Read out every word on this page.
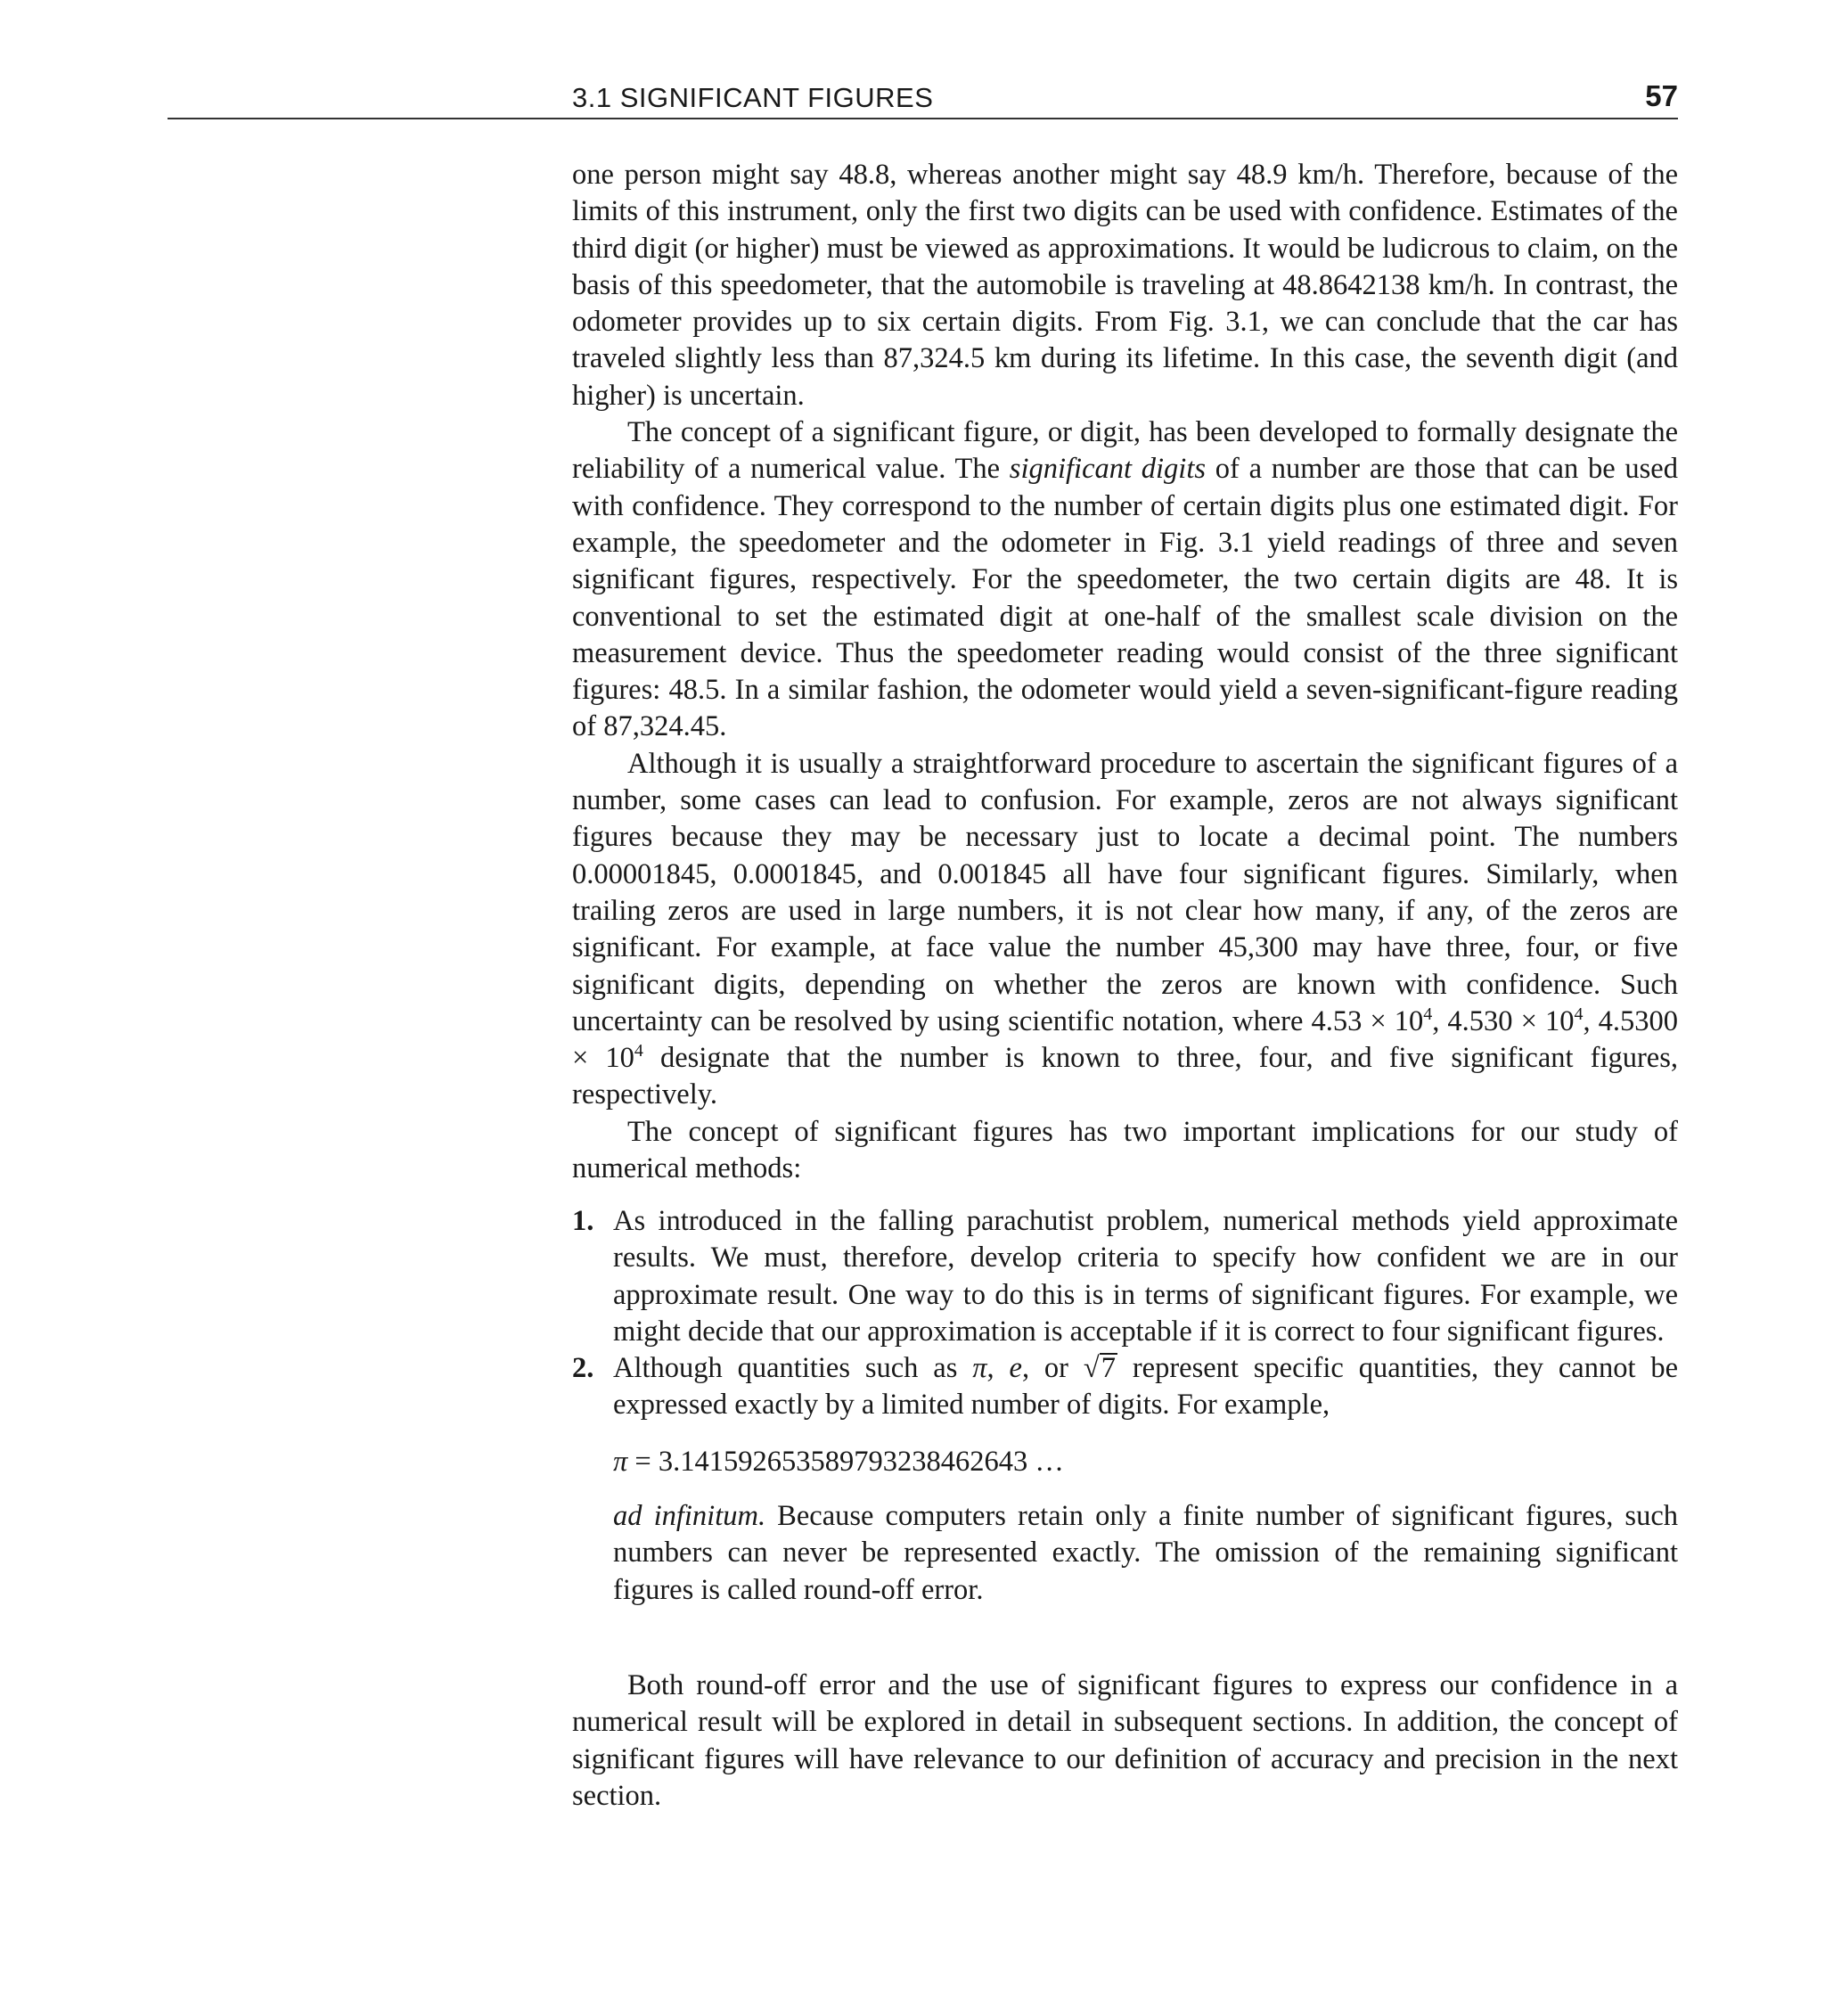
3.1 SIGNIFICANT FIGURES	57

one person might say 48.8, whereas another might say 48.9 km/h. Therefore, because of the limits of this instrument, only the first two digits can be used with confidence. Estimates of the third digit (or higher) must be viewed as approximations. It would be ludicrous to claim, on the basis of this speedometer, that the automobile is traveling at 48.8642138 km/h. In contrast, the odometer provides up to six certain digits. From Fig. 3.1, we can conclude that the car has traveled slightly less than 87,324.5 km during its lifetime. In this case, the seventh digit (and higher) is uncertain.

The concept of a significant figure, or digit, has been developed to formally designate the reliability of a numerical value. The significant digits of a number are those that can be used with confidence. They correspond to the number of certain digits plus one estimated digit. For example, the speedometer and the odometer in Fig. 3.1 yield readings of three and seven significant figures, respectively. For the speedometer, the two certain digits are 48. It is conventional to set the estimated digit at one-half of the smallest scale division on the measurement device. Thus the speedometer reading would consist of the three significant figures: 48.5. In a similar fashion, the odometer would yield a seven-significant-figure reading of 87,324.45.

Although it is usually a straightforward procedure to ascertain the significant figures of a number, some cases can lead to confusion. For example, zeros are not always significant figures because they may be necessary just to locate a decimal point. The numbers 0.00001845, 0.0001845, and 0.001845 all have four significant figures. Similarly, when trailing zeros are used in large numbers, it is not clear how many, if any, of the zeros are significant. For example, at face value the number 45,300 may have three, four, or five significant digits, depending on whether the zeros are known with confidence. Such uncertainty can be resolved by using scientific notation, where $4.53 \times 10^4$, $4.530 \times 10^4$, $4.5300 \times 10^4$ designate that the number is known to three, four, and five significant figures, respectively.

The concept of significant figures has two important implications for our study of numerical methods:

1. As introduced in the falling parachutist problem, numerical methods yield approximate results. We must, therefore, develop criteria to specify how confident we are in our approximate result. One way to do this is in terms of significant figures. For example, we might decide that our approximation is acceptable if it is correct to four significant figures.
2. Although quantities such as π, e, or √7 represent specific quantities, they cannot be expressed exactly by a limited number of digits. For example,
π = 3.141592653589793238462643 …
ad infinitum. Because computers retain only a finite number of significant figures, such numbers can never be represented exactly. The omission of the remaining significant figures is called round-off error.

Both round-off error and the use of significant figures to express our confidence in a numerical result will be explored in detail in subsequent sections. In addition, the concept of significant figures will have relevance to our definition of accuracy and precision in the next section.
